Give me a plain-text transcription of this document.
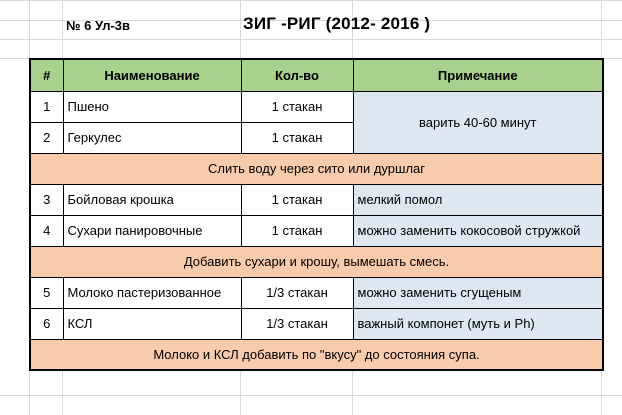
№ 6 Ул-3в	ЗИГ -РИГ (2012- 2016 )
#	Наименование	Кол-во	Примечание
1	Пшено	1 стакан	варить 40-60 минут
2	Геркулес	1 стакан	
Слить воду через сито или дуршлаг			
3	Бойловая крошка	1 стакан	мелкий помол
4	Сухари панировочные	1 стакан	можно заменить кокосовой стружкой
Добавить сухари и крошу, вымешать смесь.			
5	Молоко пастеризованное	1/3 стакан	можно заменить сгущеным
6	КСЛ	1/3 стакан	важный компонет (муть и Ph)
Молоко и КСЛ добавить по "вкусу" до состояния супа.			
